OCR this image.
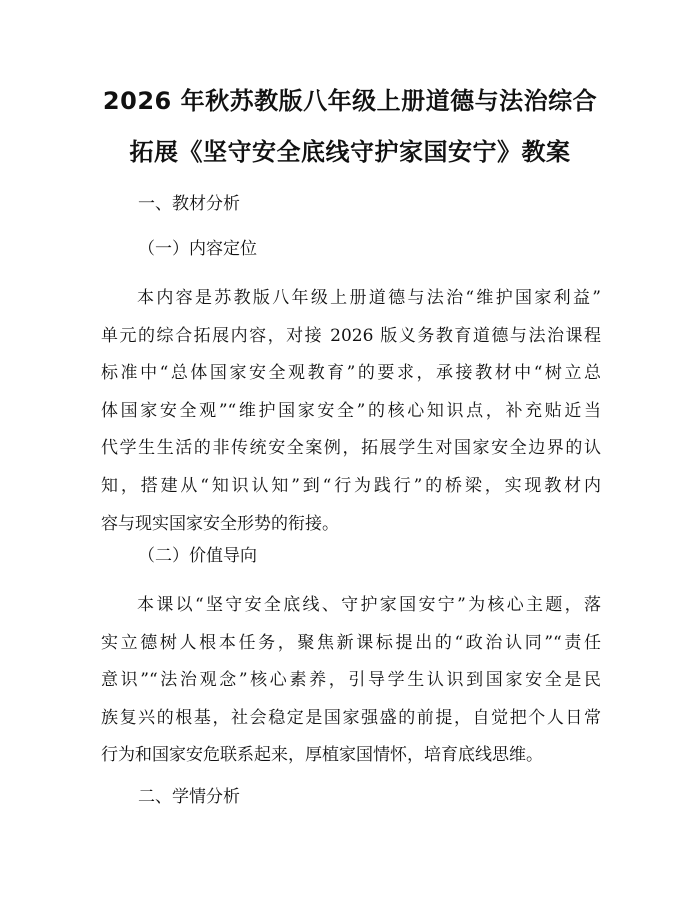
2026 年秋苏教版八年级上册道德与法治综合
拓展《坚守安全底线守护家国安宁》教案
一、教材分析
（一）内容定位
本内容是苏教版八年级上册道德与法治“维护国家利益”
单元的综合拓展内容，对接 2026 版义务教育道德与法治课程
标准中“总体国家安全观教育”的要求，承接教材中“树立总
体国家安全观”“维护国家安全”的核心知识点，补充贴近当
代学生生活的非传统安全案例，拓展学生对国家安全边界的认
知，搭建从“知识认知”到“行为践行”的桥梁，实现教材内
容与现实国家安全形势的衔接。
（二）价值导向
本课以“坚守安全底线、守护家国安宁”为核心主题，落
实立德树人根本任务，聚焦新课标提出的“政治认同”“责任
意识”“法治观念”核心素养，引导学生认识到国家安全是民
族复兴的根基，社会稳定是国家强盛的前提，自觉把个人日常
行为和国家安危联系起来，厚植家国情怀，培育底线思维。
二、学情分析
